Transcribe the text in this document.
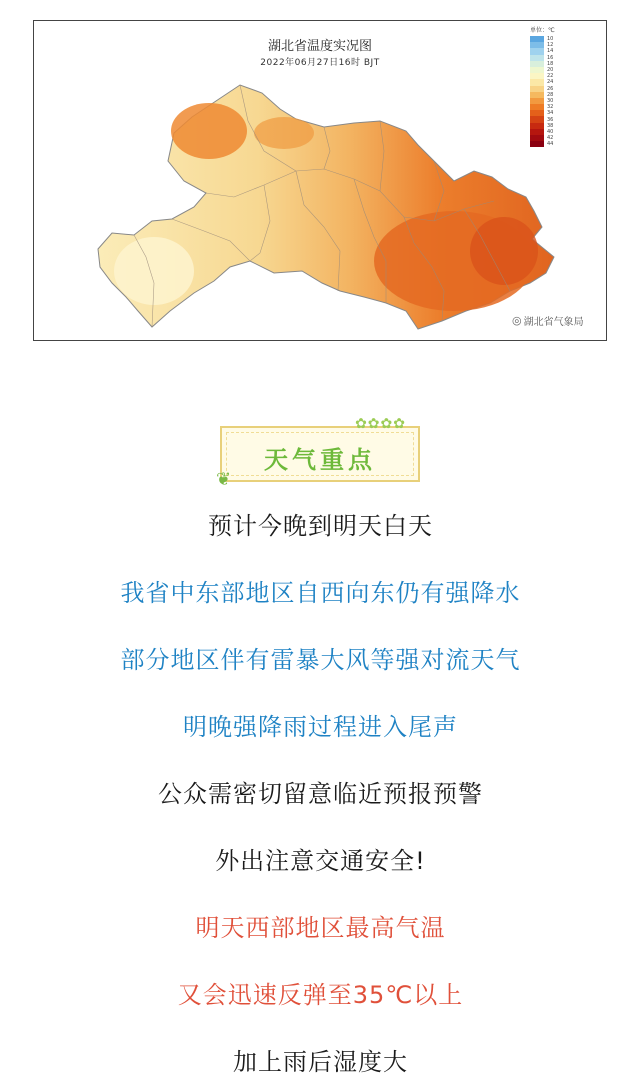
湖北省温度实况图
2022年06月27日16时 BJT
单位：℃
10
12
14
16
18
20
22
24
26
28
30
32
34
36
38
40
42
44
◎ 湖北省气象局
天气重点
✿✿✿✿
❦
预计今晚到明天白天
我省中东部地区自西向东仍有强降水
部分地区伴有雷暴大风等强对流天气
明晚强降雨过程进入尾声
公众需密切留意临近预报预警
外出注意交通安全!
明天西部地区最高气温
又会迅速反弹至35℃以上
加上雨后湿度大
